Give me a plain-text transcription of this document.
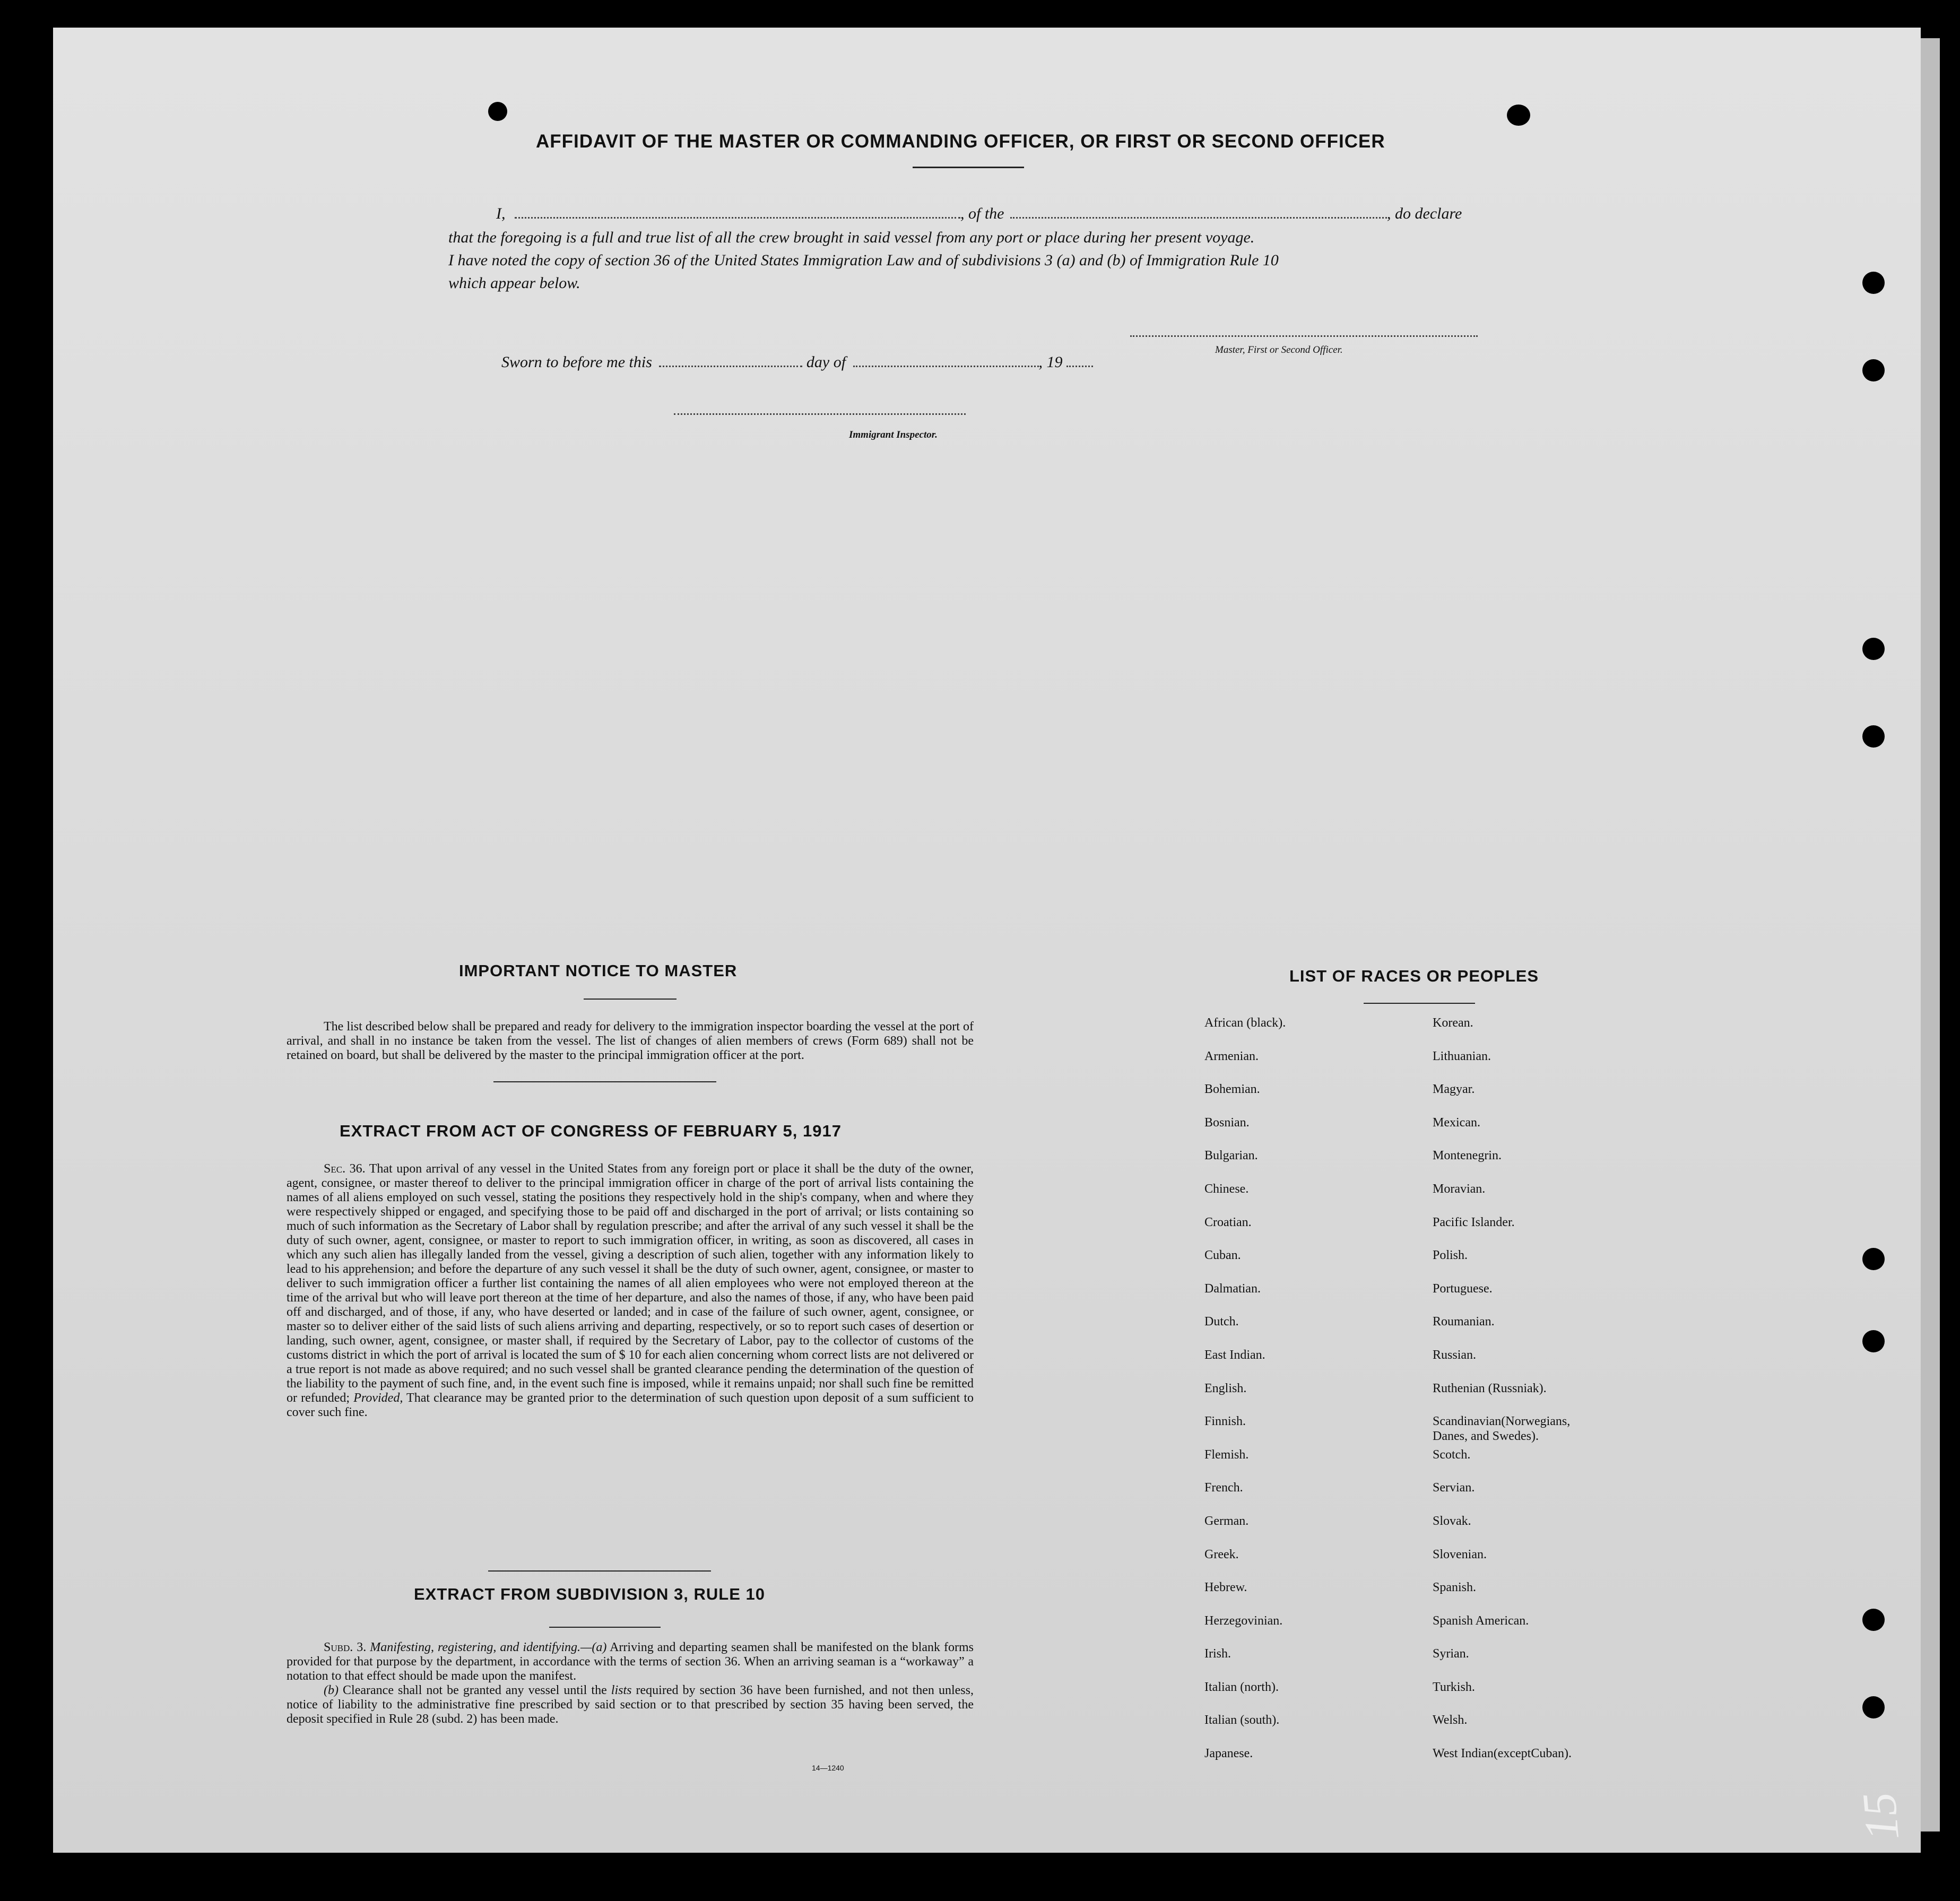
AFFIDAVIT OF THE MASTER OR COMMANDING OFFICER, OR FIRST OR SECOND OFFICER
I,	, of the	, do declare
that the foregoing is a full and true list of all the crew brought in said vessel from any port or place during her present voyage.
I have noted the copy of section 36 of the United States Immigration Law and of subdivisions 3 (a) and (b) of Immigration Rule 10
which appear below.
Master, First or Second Officer.
Sworn to before me this	day of	, 19
Immigrant Inspector.
IMPORTANT NOTICE TO MASTER

The list described below shall be prepared and ready for delivery to the immigration inspector boarding the vessel at the port of arrival, and shall in no instance be taken from the vessel. The list of changes of alien members of crews (Form 689) shall not be retained on board, but shall be delivered by the master to the principal immigration officer at the port.

EXTRACT FROM ACT OF CONGRESS OF FEBRUARY 5, 1917

Sec. 36. That upon arrival of any vessel in the United States from any foreign port or place it shall be the duty of the owner, agent, consignee, or master thereof to deliver to the principal immigration officer in charge of the port of arrival lists containing the names of all aliens employed on such vessel, stating the positions they respectively hold in the ship's company, when and where they were respectively shipped or engaged, and specifying those to be paid off and discharged in the port of arrival; or lists containing so much of such information as the Secretary of Labor shall by regulation prescribe; and after the arrival of any such vessel it shall be the duty of such owner, agent, consignee, or master to report to such immigration officer, in writing, as soon as discovered, all cases in which any such alien has illegally landed from the vessel, giving a description of such alien, together with any information likely to lead to his apprehension; and before the departure of any such vessel it shall be the duty of such owner, agent, consignee, or master to deliver to such immigration officer a further list containing the names of all alien employees who were not employed thereon at the time of the arrival but who will leave port thereon at the time of her departure, and also the names of those, if any, who have been paid off and discharged, and of those, if any, who have deserted or landed; and in case of the failure of such owner, agent, consignee, or master so to deliver either of the said lists of such aliens arriving and departing, respectively, or so to report such cases of desertion or landing, such owner, agent, consignee, or master shall, if required by the Secretary of Labor, pay to the collector of customs of the customs district in which the port of arrival is located the sum of $ 10 for each alien concerning whom correct lists are not delivered or a true report is not made as above required; and no such vessel shall be granted clearance pending the determination of the question of the liability to the payment of such fine, and, in the event such fine is imposed, while it remains unpaid; nor shall such fine be remitted or refunded; Provided, That clearance may be granted prior to the determination of such question upon deposit of a sum sufficient to cover such fine.

EXTRACT FROM SUBDIVISION 3, RULE 10

Subd. 3. Manifesting, registering, and identifying.—(a) Arriving and departing seamen shall be manifested on the blank forms provided for that purpose by the department, in accordance with the terms of section 36. When an arriving seaman is a “workaway” a notation to that effect should be made upon the manifest.

(b) Clearance shall not be granted any vessel until the lists required by section 36 have been furnished, and not then unless, notice of liability to the administrative fine prescribed by said section or to that prescribed by section 35 having been served, the deposit specified in Rule 28 (subd. 2) has been made.

14—1240
LIST OF RACES OR PEOPLES
African (black).
Armenian.
Bohemian.
Bosnian.
Bulgarian.
Chinese.
Croatian.
Cuban.
Dalmatian.
Dutch.
East Indian.
English.
Finnish.
Flemish.
French.
German.
Greek.
Hebrew.
Herzegovinian.
Irish.
Italian (north).
Italian (south).
Japanese.
Korean.
Lithuanian.
Magyar.
Mexican.
Montenegrin.
Moravian.
Pacific Islander.
Polish.
Portuguese.
Roumanian.
Russian.
Ruthenian (Russniak).
Scandinavian(Norwegians,
Danes, and Swedes).
Scotch.
Servian.
Slovak.
Slovenian.
Spanish.
Spanish American.
Syrian.
Turkish.
Welsh.
West Indian(exceptCuban).
15
